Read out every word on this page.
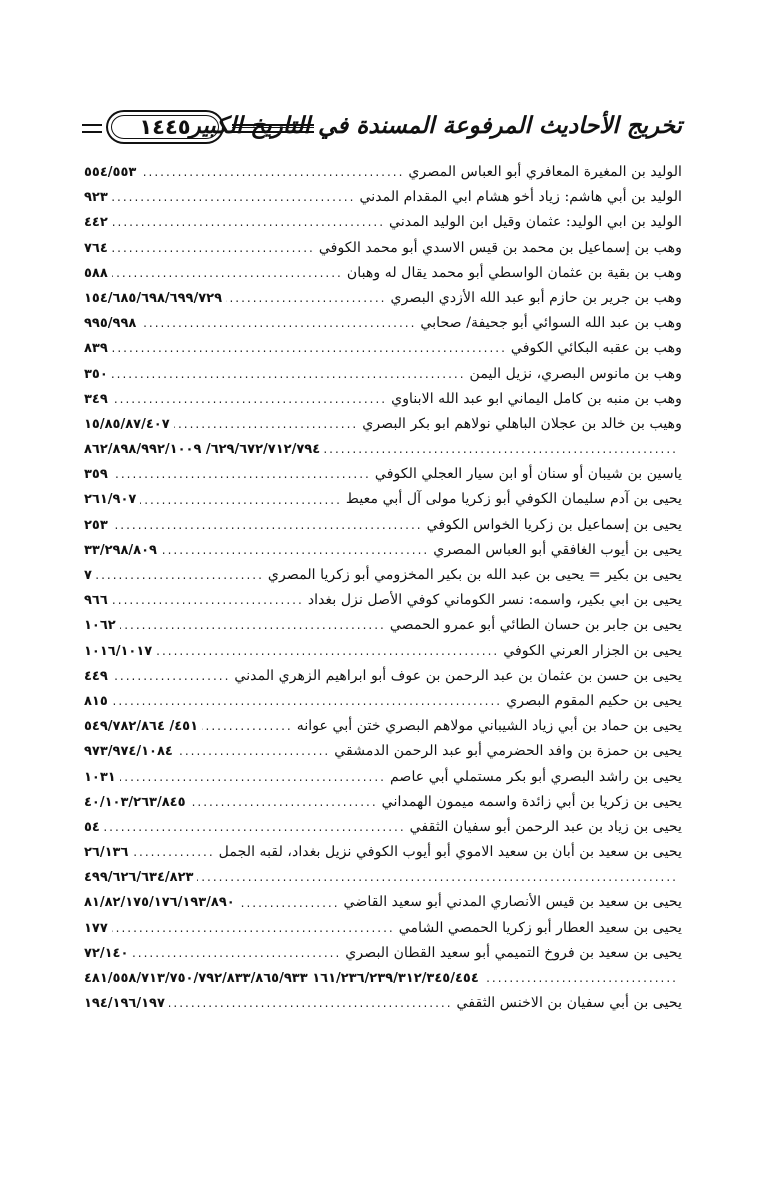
تخريج الأحاديث المرفوعة المسندة في التاريخ الكبير
١٤٤٥
الوليد بن المغيرة المعافري أبو العباس المصري
.....
٥٥٤/٥٥٣
الوليد بن أبي هاشم: زياد أخو هشام ابي المقدام المدني
.....
٩٢٣
الوليد بن ابي الوليد: عثمان وقيل ابن الوليد المدني
.....
٤٤٢
وهب بن إسماعيل بن محمد بن قيس الاسدي أبو محمد الكوفي
.....
٧٦٤
وهب بن بقية بن عثمان الواسطي أبو محمد يقال له وهبان
.....
٥٨٨
وهب بن جرير بن حازم أبو عبد الله الأزدي البصري
.....
١٥٤/٦٨٥/٦٩٨/٦٩٩/٧٢٩
وهب بن عبد الله السوائي أبو جحيفة/ صحابي
.....
٩٩٥/٩٩٨
وهب بن عقبه البكائي الكوفي
.....
٨٣٩
وهب بن مانوس البصري، نزيل اليمن
.....
٣٥٠
وهب بن منبه بن كامل اليماني ابو عبد الله الابناوي
.....
٣٤٩
وهيب بن خالد بن عجلان الباهلي نولاهم ابو بكر البصري
.....
١٥/٨٥/٨٧/٤٠٧
.....
٦٢٩/٦٧٢/٧١٢/٧٩٤/ ٨٦٢/٨٩٨/٩٩٢/١٠٠٩
ياسين بن شيبان أو سنان أو ابن سيار العجلي الكوفي
.....
٣٥٩
يحيى بن آدم سليمان الكوفي أبو زكريا مولى آل أبي معيط
.....
٢٦١/٩٠٧
يحيى بن إسماعيل بن زكريا الخواس الكوفي
.....
٢٥٣
يحيى بن أيوب الغافقي أبو العباس المصري
.....
٣٣/٢٩٨/٨٠٩
يحيى بن بكير = يحيى بن عبد الله بن بكير المخزومي أبو زكريا المصري
.....
٧
يحيى بن ابي بكير، واسمه: نسر الكوماني كوفي الأصل نزل بغداد
.....
٩٦٦
يحيى بن جابر بن حسان الطائي أبو عمرو الحمصي
.....
١٠٦٢
يحيى بن الجزار العرني الكوفي
.....
١٠١٦/١٠١٧
يحيى بن حسن بن عثمان بن عبد الرحمن بن عوف أبو ابراهيم الزهري المدني
.....
٤٤٩
يحيى بن حكيم المقوم البصري
.....
٨١٥
يحيى بن حماد بن أبي زياد الشيباني مولاهم البصري ختن أبي عوانه
.....
٤٥١/ ٥٤٩/٧٨٢/٨٦٤
يحيى بن حمزة بن وافد الحضرمي أبو عبد الرحمن الدمشقي
.....
٩٧٣/٩٧٤/١٠٨٤
يحيى بن راشد البصري أبو بكر مستملي أبي عاصم
.....
١٠٣١
يحيى بن زكريا بن أبي زائدة واسمه ميمون الهمداني
.....
٤٠/١٠٣/٢٦٣/٨٤٥
يحيى بن زياد بن عبد الرحمن أبو سفيان الثقفي
.....
٥٤
يحيى بن سعيد بن أبان بن سعيد الاموي أبو أيوب الكوفي نزيل بغداد، لقبه الجمل
.....
٢٦/١٣٦
.....
٤٩٩/٦٢٦/٦٣٤/٨٢٣
يحيى بن سعيد بن قيس الأنصاري المدني أبو سعيد القاضي
.....
٨١/٨٢/١٧٥/١٧٦/١٩٣/٨٩٠
يحيى بن سعيد العطار أبو زكريا الحمصي الشامي
.....
١٧٧
يحيى بن سعيد بن فروخ التميمي أبو سعيد القطان البصري
.....
٧٢/١٤٠
.....
١٦١/٢٣٦/٢٣٩/٣١٢/٣٤٥/٤٥٤ ٤٨١/٥٥٨/٧١٣/٧٥٠/٧٩٢/٨٣٣/٨٦٥/٩٣٣
يحيى بن أبي سفيان بن الاخنس الثقفي
.....
١٩٤/١٩٦/١٩٧
